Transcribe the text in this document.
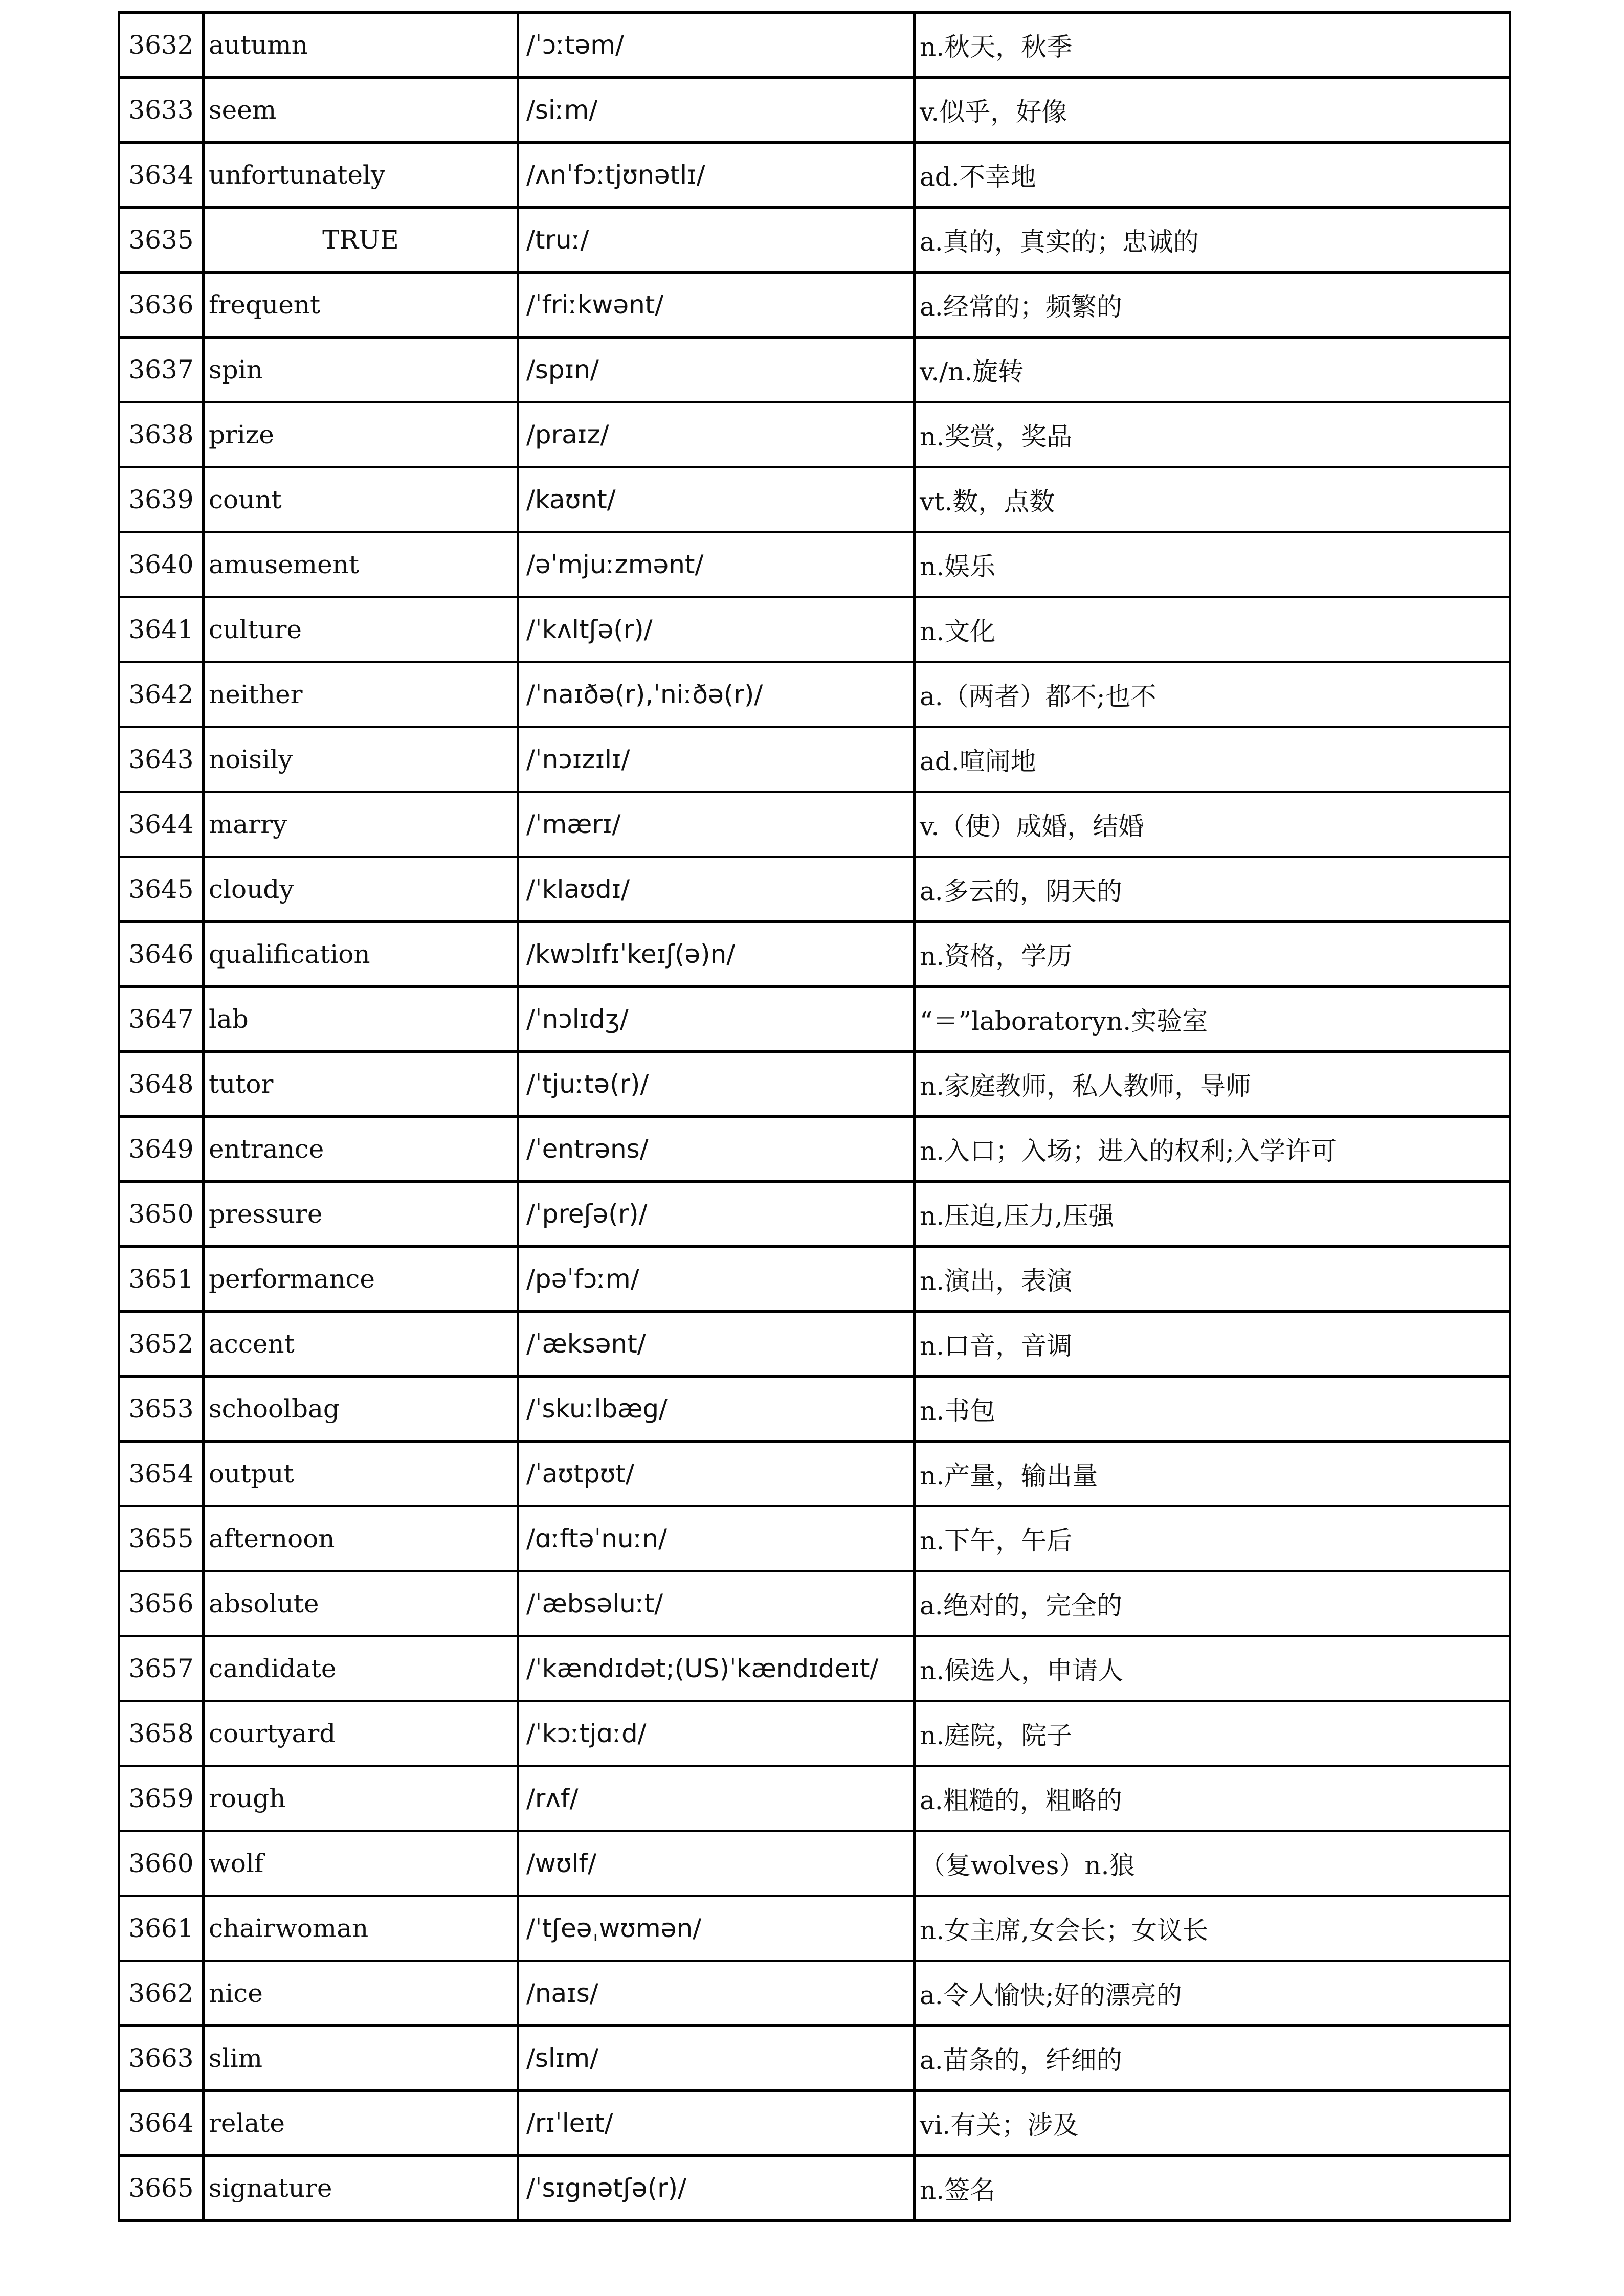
3632	autumn	/ˈɔːtəm/	n.秋天，秋季
3633	seem	/siːm/	v.似乎，好像
3634	unfortunately	/ʌnˈfɔːtjʊnətlɪ/	ad.不幸地
3635	TRUE	/truː/	a.真的，真实的；忠诚的
3636	frequent	/ˈfriːkwənt/	a.经常的；频繁的
3637	spin	/spɪn/	v./n.旋转
3638	prize	/praɪz/	n.奖赏，奖品
3639	count	/kaʊnt/	vt.数，点数
3640	amusement	/əˈmjuːzmənt/	n.娱乐
3641	culture	/ˈkʌltʃə(r)/	n.文化
3642	neither	/ˈnaɪðə(r),ˈniːðə(r)/	a.（两者）都不;也不
3643	noisily	/ˈnɔɪzɪlɪ/	ad.喧闹地
3644	marry	/ˈmærɪ/	v.（使）成婚，结婚
3645	cloudy	/ˈklaʊdɪ/	a.多云的，阴天的
3646	qualification	/kwɔlɪfɪˈkeɪʃ(ə)n/	n.资格，学历
3647	lab	/ˈnɔlɪdʒ/	“＝”laboratoryn.实验室
3648	tutor	/ˈtjuːtə(r)/	n.家庭教师，私人教师，导师
3649	entrance	/ˈentrəns/	n.入口；入场；进入的权利;入学许可
3650	pressure	/ˈpreʃə(r)/	n.压迫,压力,压强
3651	performance	/pəˈfɔːm/	n.演出，表演
3652	accent	/ˈæksənt/	n.口音，音调
3653	schoolbag	/ˈskuːlbæg/	n.书包
3654	output	/ˈaʊtpʊt/	n.产量，输出量
3655	afternoon	/ɑːftəˈnuːn/	n.下午，午后
3656	absolute	/ˈæbsəluːt/	a.绝对的，完全的
3657	candidate	/ˈkændɪdət;(US)ˈkændɪdeɪt/	n.候选人，申请人
3658	courtyard	/ˈkɔːtjɑːd/	n.庭院，院子
3659	rough	/rʌf/	a.粗糙的，粗略的
3660	wolf	/wʊlf/	（复wolves）n.狼
3661	chairwoman	/ˈtʃeəˌwʊmən/	n.女主席,女会长；女议长
3662	nice	/naɪs/	a.令人愉快;好的漂亮的
3663	slim	/slɪm/	a.苗条的，纤细的
3664	relate	/rɪˈleɪt/	vi.有关；涉及
3665	signature	/ˈsɪgnətʃə(r)/	n.签名
